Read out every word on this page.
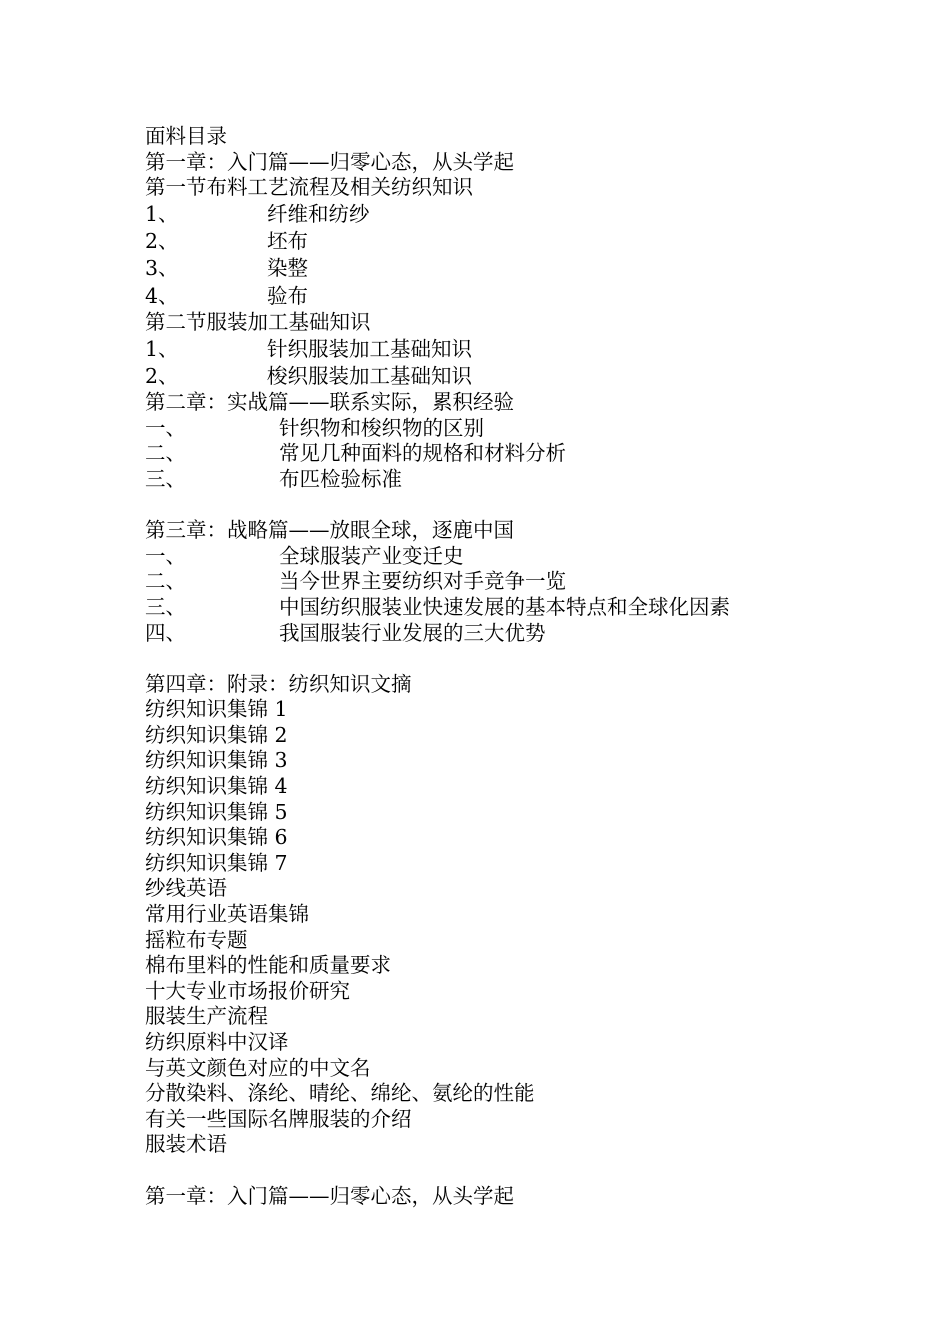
面料目录
第一章：入门篇——归零心态，从头学起
第一节布料工艺流程及相关纺织知识
1、	纤维和纺纱
2、	坯布
3、	染整
4、	验布
第二节服装加工基础知识
1、	针织服装加工基础知识
2、	梭织服装加工基础知识
第二章：实战篇——联系实际，累积经验
一、	针织物和梭织物的区别
二、	常见几种面料的规格和材料分析
三、	布匹检验标准
第三章：战略篇——放眼全球，逐鹿中国
一、	全球服装产业变迁史
二、	当今世界主要纺织对手竞争一览
三、	中国纺织服装业快速发展的基本特点和全球化因素
四、	我国服装行业发展的三大优势
第四章：附录：纺织知识文摘
纺织知识集锦 1
纺织知识集锦 2
纺织知识集锦 3
纺织知识集锦 4
纺织知识集锦 5
纺织知识集锦 6
纺织知识集锦 7
纱线英语
常用行业英语集锦
摇粒布专题
棉布里料的性能和质量要求
十大专业市场报价研究
服装生产流程
纺织原料中汉译
与英文颜色对应的中文名
分散染料、涤纶、晴纶、绵纶、氨纶的性能
有关一些国际名牌服装的介绍
服装术语
第一章：入门篇——归零心态，从头学起
